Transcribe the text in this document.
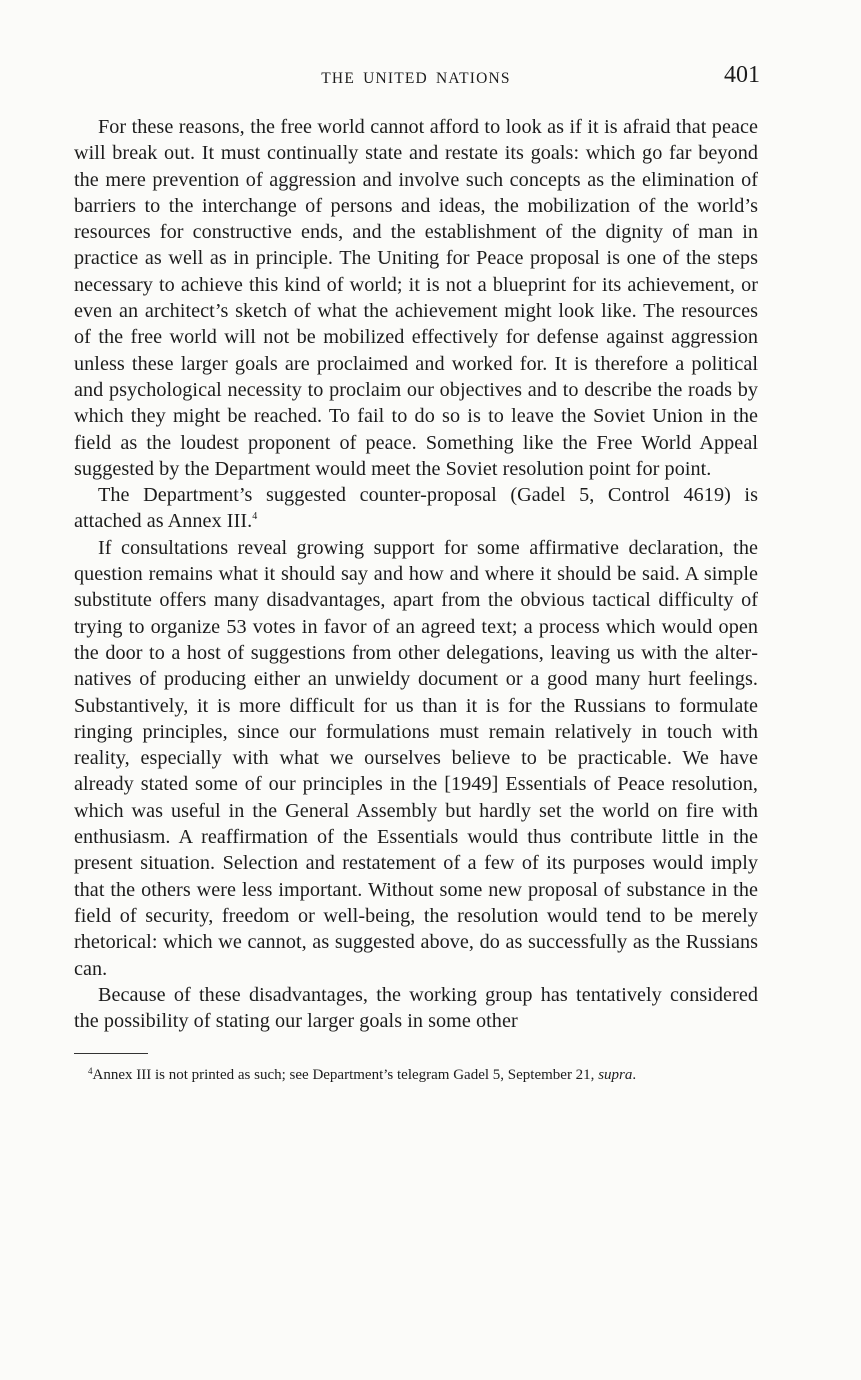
THE UNITED NATIONS	401

For these reasons, the free world cannot afford to look as if it is afraid that peace will break out. It must continually state and restate its goals: which go far beyond the mere prevention of aggression and involve such concepts as the elimination of barriers to the interchange of persons and ideas, the mobilization of the world’s resources for constructive ends, and the establishment of the dignity of man in practice as well as in principle. The Uniting for Peace proposal is one of the steps necessary to achieve this kind of world; it is not a blueprint for its achievement, or even an architect’s sketch of what the achievement might look like. The resources of the free world will not be mobilized effectively for defense against aggression unless these larger goals are proclaimed and worked for. It is therefore a political and psychological necessity to proclaim our objectives and to describe the roads by which they might be reached. To fail to do so is to leave the Soviet Union in the field as the loudest proponent of peace. Something like the Free World Appeal suggested by the Department would meet the Soviet resolution point for point.

The Department’s suggested counter-proposal (Gadel 5, Control 4619) is attached as Annex III.$^4$

If consultations reveal growing support for some affirmative declaration, the question remains what it should say and how and where it should be said. A simple substitute offers many disadvantages, apart from the obvious tactical difficulty of trying to organize 53 votes in favor of an agreed text; a process which would open the door to a host of suggestions from other delegations, leaving us with the alternatives of producing either an unwieldy document or a good many hurt feelings. Substantively, it is more difficult for us than it is for the Russians to formulate ringing principles, since our formulations must remain relatively in touch with reality, especially with what we ourselves believe to be practicable. We have already stated some of our principles in the [1949] Essentials of Peace resolution, which was useful in the General Assembly but hardly set the world on fire with enthusiasm. A reaffirmation of the Essentials would thus contribute little in the present situation. Selection and restatement of a few of its purposes would imply that the others were less important. Without some new proposal of substance in the field of security, freedom or well-being, the resolution would tend to be merely rhetorical: which we cannot, as suggested above, do as successfully as the Russians can.

Because of these disadvantages, the working group has tentatively considered the possibility of stating our larger goals in some other

$^4$Annex III is not printed as such; see Department’s telegram Gadel 5, September 21, supra.
